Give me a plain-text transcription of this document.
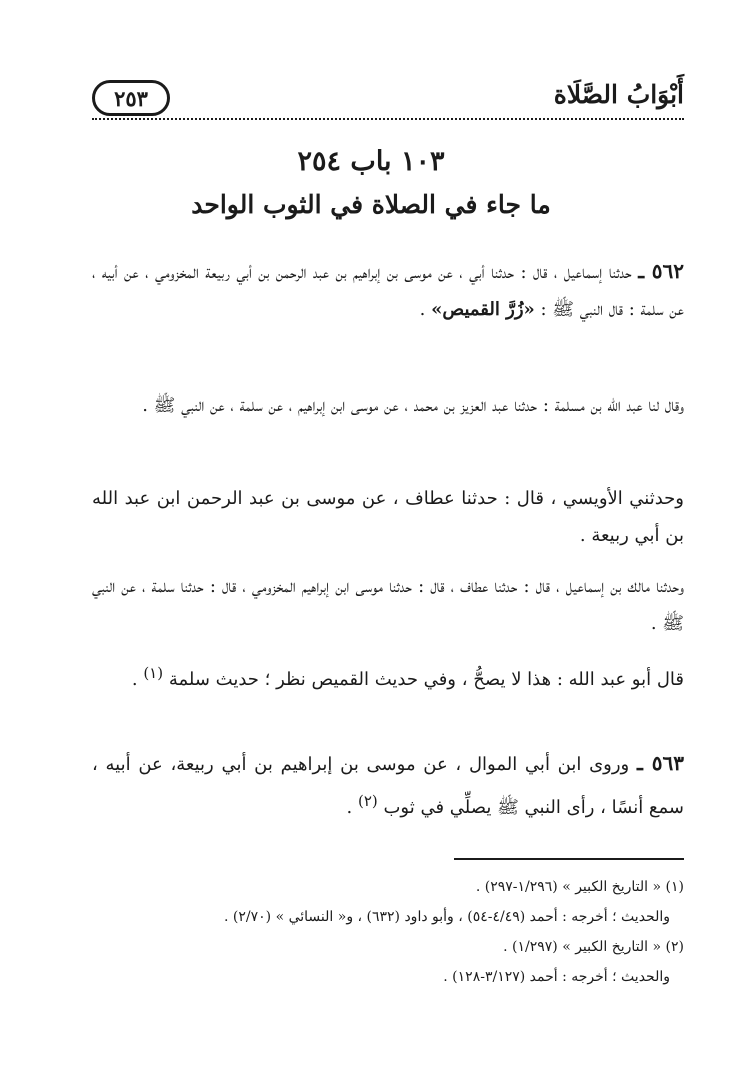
أَبْوَابُ الصَّلَاة
٢٥٣
١٠٣ باب ٢٥٤
ما جاء في الصلاة في الثوب الواحد
٥٦٢ ـ حدثنا إسماعيل ، قال : حدثنا أبي ، عن موسى بن إبراهيم بن عبد الرحمن بن أبي ربيعة المخزومي ، عن أبيه ، عن سلمة : قال النبي ﷺ : «زُرَّ القميص» .
وقال لنا عبد الله بن مسلمة : حدثنا عبد العزيز بن محمد ، عن موسى ابن إبراهيم ، عن سلمة ، عن النبي ﷺ .
وحدثني الأويسي ، قال : حدثنا عطاف ، عن موسى بن عبد الرحمن ابن عبد الله بن أبي ربيعة .
وحدثنا مالك بن إسماعيل ، قال : حدثنا عطاف ، قال : حدثنا موسى ابن إبراهيم المخزومي ، قال : حدثنا سلمة ، عن النبي ﷺ .
قال أبو عبد الله : هذا لا يصحُّ ، وفي حديث القميص نظر ؛ حديث سلمة $^{(١)}$ .
٥٦٣ ـ وروى ابن أبي الموال ، عن موسى بن إبراهيم بن أبي ربيعة، عن أبيه ، سمع أنسًا ، رأى النبي ﷺ يصلِّي في ثوب $^{(٢)}$ .
(١) « التاريخ الكبير » (١/٢٩٦-٢٩٧) .
والحديث ؛ أخرجه : أحمد (٤/٤٩-٥٤) ، وأبو داود (٦٣٢) ، و« النسائي » (٢/٧٠) .
(٢) « التاريخ الكبير » (١/٢٩٧) .
والحديث ؛ أخرجه : أحمد (٣/١٢٧-١٢٨) .
